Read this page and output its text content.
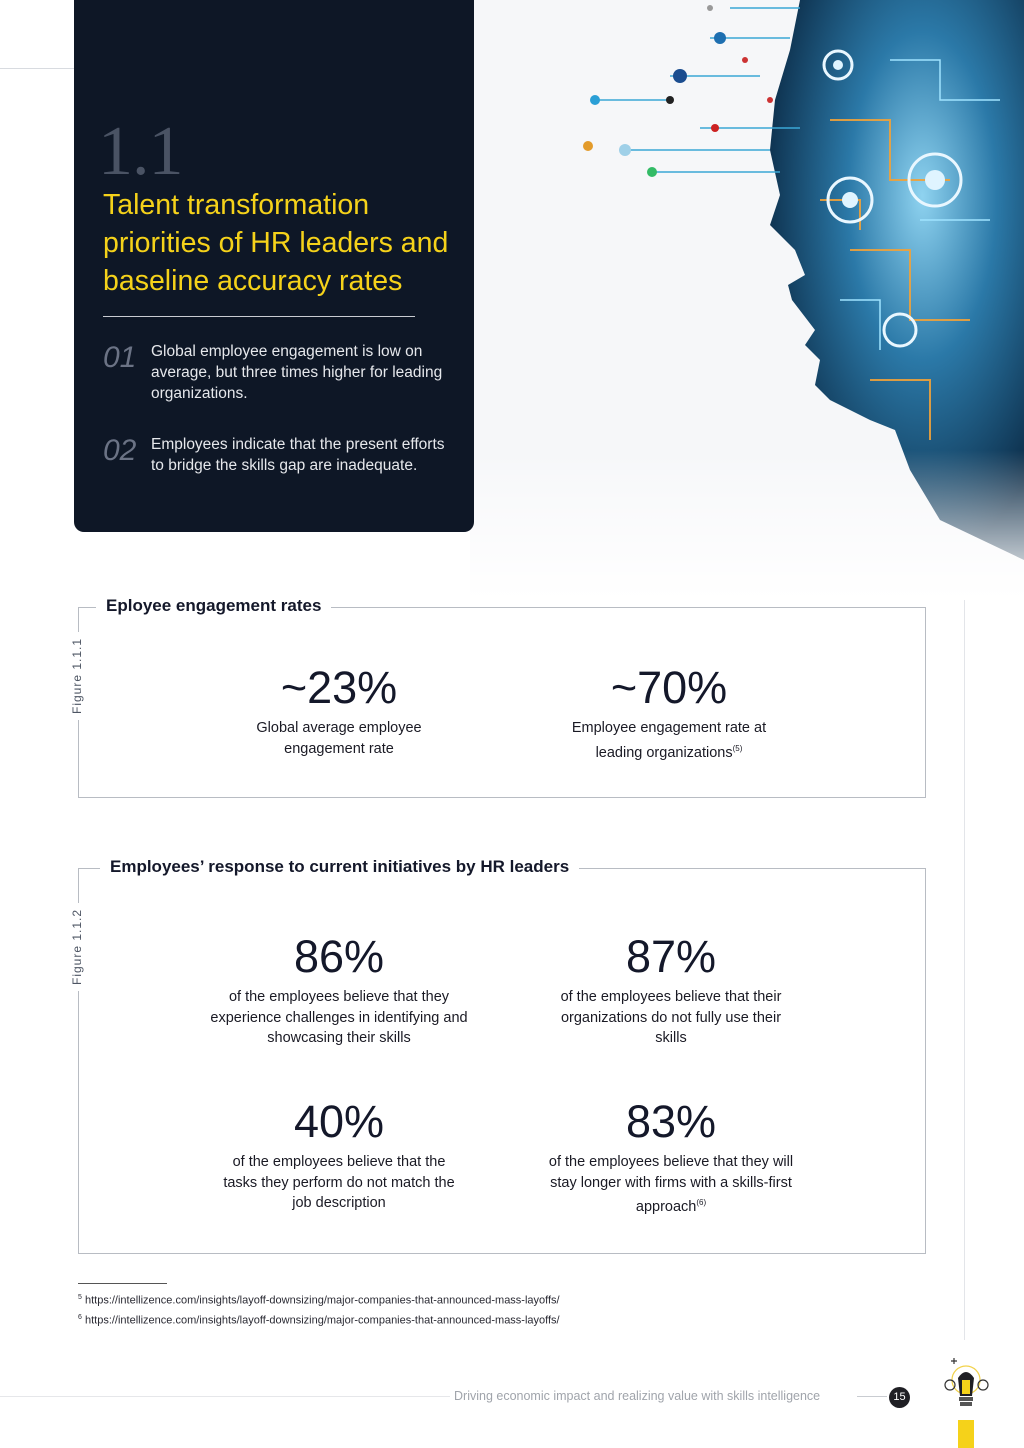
1.1
Talent transformation priorities of HR leaders and baseline accuracy rates
01 Global employee engagement is low on average, but three times higher for leading organizations.
02 Employees indicate that the present efforts to bridge the skills gap are inadequate.
Eployee engagement rates
Figure 1.1.1	~23%
Global average employee engagement rate
~70%
Employee engagement rate at leading organizations$^{(5)}$
Employees’ response to current initiatives by HR leaders
Figure 1.1.2	86%
of the employees believe that they experience challenges in identifying and showcasing their skills
87%
of the employees believe that their organizations do not fully use their skills
40%
of the employees believe that the tasks they perform do not match the job description
83%
of the employees believe that they will stay longer with firms with a skills-first approach$^{(6)}$
$^5$ https://intellizence.com/insights/layoff-downsizing/major-companies-that-announced-mass-layoffs/
$^6$ https://intellizence.com/insights/layoff-downsizing/major-companies-that-announced-mass-layoffs/
Driving economic impact and realizing value with skills intelligence	15
